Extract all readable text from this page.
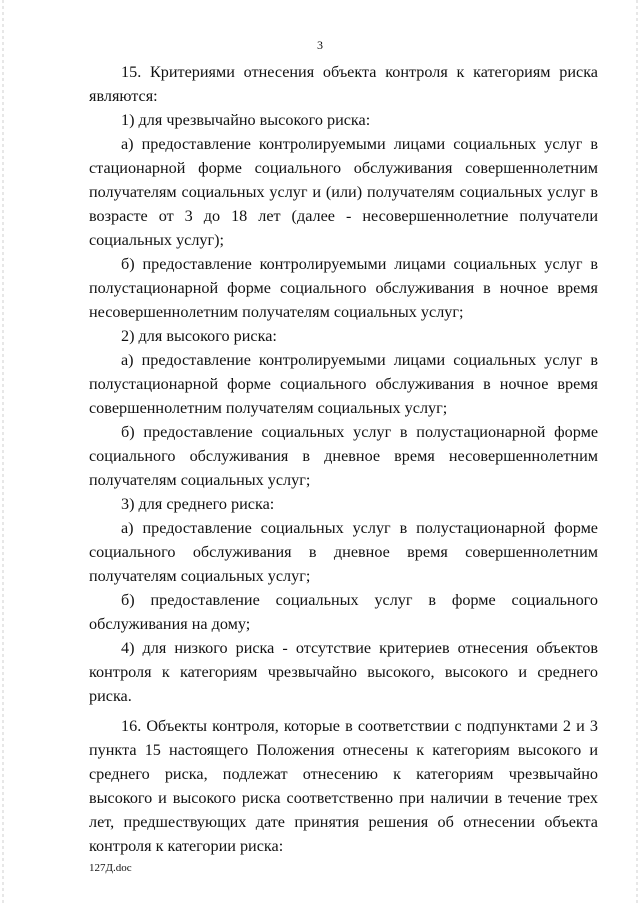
3

15. Критериями отнесения объекта контроля к категориям риска являются:

1) для чрезвычайно высокого риска:

а) предоставление контролируемыми лицами социальных услуг в стационарной форме социального обслуживания совершеннолетним получателям социальных услуг и (или) получателям социальных услуг в возрасте от 3 до 18 лет (далее - несовершеннолетние получатели социальных услуг);

б) предоставление контролируемыми лицами социальных услуг в полустационарной форме социального обслуживания в ночное время несовершеннолетним получателям социальных услуг;

2) для высокого риска:

а) предоставление контролируемыми лицами социальных услуг в полустационарной форме социального обслуживания в ночное время совершеннолетним получателям социальных услуг;

б) предоставление социальных услуг в полустационарной форме социального обслуживания в дневное время несовершеннолетним получателям социальных услуг;

3) для среднего риска:

а) предоставление социальных услуг в полустационарной форме социального обслуживания в дневное время совершеннолетним получателям социальных услуг;

б) предоставление социальных услуг в форме социального обслуживания на дому;

4) для низкого риска - отсутствие критериев отнесения объектов контроля к категориям чрезвычайно высокого, высокого и среднего риска.

16. Объекты контроля, которые в соответствии с подпунктами 2 и 3 пункта 15 настоящего Положения отнесены к категориям высокого и среднего риска, подлежат отнесению к категориям чрезвычайно высокого и высокого риска соответственно при наличии в течение трех лет, предшествующих дате принятия решения об отнесении объекта контроля к категории риска:

127Д.doc
